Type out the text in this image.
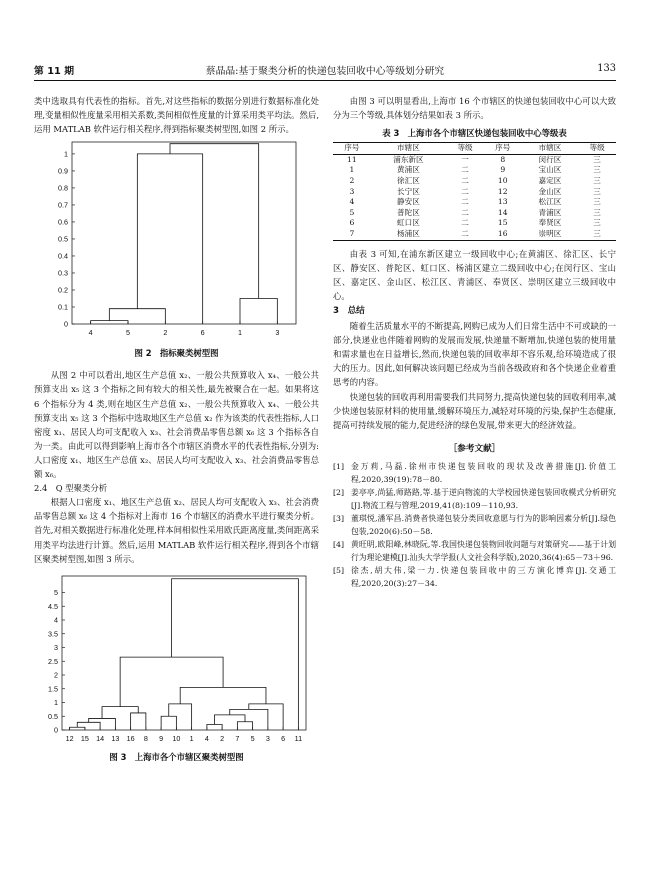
第 11 期	蔡晶晶:基于聚类分析的快递包装回收中心等级划分研究	133

类中选取具有代表性的指标。首先,对这些指标的数据分别进行数据标准化处理,变量相似性度量采用相关系数,类间相似性度量的计算采用类平均法。然后,运用 MATLAB 软件运行相关程序,得到指标聚类树型图,如图 2 所示。

0
0.1
0.2
0.3
0.4
0.5
0.6
0.7
0.8
0.9
1
4	5	2	6	1	3
图 2　指标聚类树型图

从图 2 中可以看出,地区生产总值 x₂、一般公共预算收入 x₄、一般公共预算支出 x₅ 这 3 个指标之间有较大的相关性,最先被聚合在一起。如果将这 6 个指标分为 4 类,则在地区生产总值 x₂、一般公共预算收入 x₄、一般公共预算支出 x₅ 这 3 个指标中选取地区生产总值 x₂ 作为该类的代表性指标,人口密度 x₁、居民人均可支配收入 x₃、社会消费品零售总额 x₆ 这 3 个指标各自为一类。由此可以得到影响上海市各个市辖区消费水平的代表性指标,分别为:人口密度 x₁、地区生产总值 x₂、居民人均可支配收入 x₃、社会消费品零售总额 x₆。

2.4　Q 型聚类分析

根据人口密度 x₁、地区生产总值 x₂、居民人均可支配收入 x₃、社会消费品零售总额 x₆ 这 4 个指标对上海市 16 个市辖区的消费水平进行聚类分析。首先,对相关数据进行标准化处理,样本间相似性采用欧氏距离度量,类间距离采用类平均法进行计算。然后,运用 MATLAB 软件运行相关程序,得到各个市辖区聚类树型图,如图 3 所示。

0
0.5
1
1.5
2
2.5
3
3.5
4
4.5
5
12 15 14 13 16 8 9 10 1 4 2 7 5 3 6 11
图 3　上海市各个市辖区聚类树型图

由图 3 可以明显看出,上海市 16 个市辖区的快递包装回收中心可以大致分为三个等级,具体划分结果如表 3 所示。

表 3　上海市各个市辖区快递包装回收中心等级表
序号	市辖区	等级	序号	市辖区	等级
11	浦东新区	一	8	闵行区	三
1	黄浦区	二	9	宝山区	三
2	徐汇区	二	10	嘉定区	三
3	长宁区	二	12	金山区	三
4	静安区	二	13	松江区	三
5	普陀区	二	14	青浦区	三
6	虹口区	二	15	奉贤区	三
7	杨浦区	二	16	崇明区	三

由表 3 可知,在浦东新区建立一级回收中心;在黄浦区、徐汇区、长宁区、静安区、普陀区、虹口区、杨浦区建立二级回收中心;在闵行区、宝山区、嘉定区、金山区、松江区、青浦区、奉贤区、崇明区建立三级回收中心。

3　总结

随着生活质量水平的不断提高,网购已成为人们日常生活中不可或缺的一部分,快递业也伴随着网购的发展而发展,快递量不断增加,快递包装的使用量和需求量也在日益增长,然而,快递包装的回收率却不容乐观,给环境造成了很大的压力。因此,如何解决该问题已经成为当前各级政府和各个快递企业着重思考的内容。

快递包装的回收再利用需要我们共同努力,提高快递包装的回收利用率,减少快递包装原材料的使用量,缓解环境压力,减轻对环境的污染,保护生态健康,提高可持续发展的能力,促进经济的绿色发展,带来更大的经济效益。

［参考文献］
[1] 金万莉,马磊.徐州市快递包装回收的现状及改善措施[J].价值工程,2020,39(19):78－80.
[2] 姜亭亭,尚猛,师路路,等.基于逆向物流的大学校园快递包装回收模式分析研究[J].物流工程与管理,2019,41(8):109－110,93.
[3] 董琪悦,潘军昌.消费者快递包装分类回收意愿与行为的影响因素分析[J].绿色包装,2020(6):50－58.
[4] 黄旺明,欧阳峰,林晓阮,等.我国快递包装物回收问题与对策研究——基于计划行为理论建模[J].汕头大学学报(人文社会科学版),2020,36(4):65－73＋96.
[5] 徐杰,胡大伟,梁一力.快递包装回收中的三方演化博弈[J].交通工程,2020,20(3):27－34.
